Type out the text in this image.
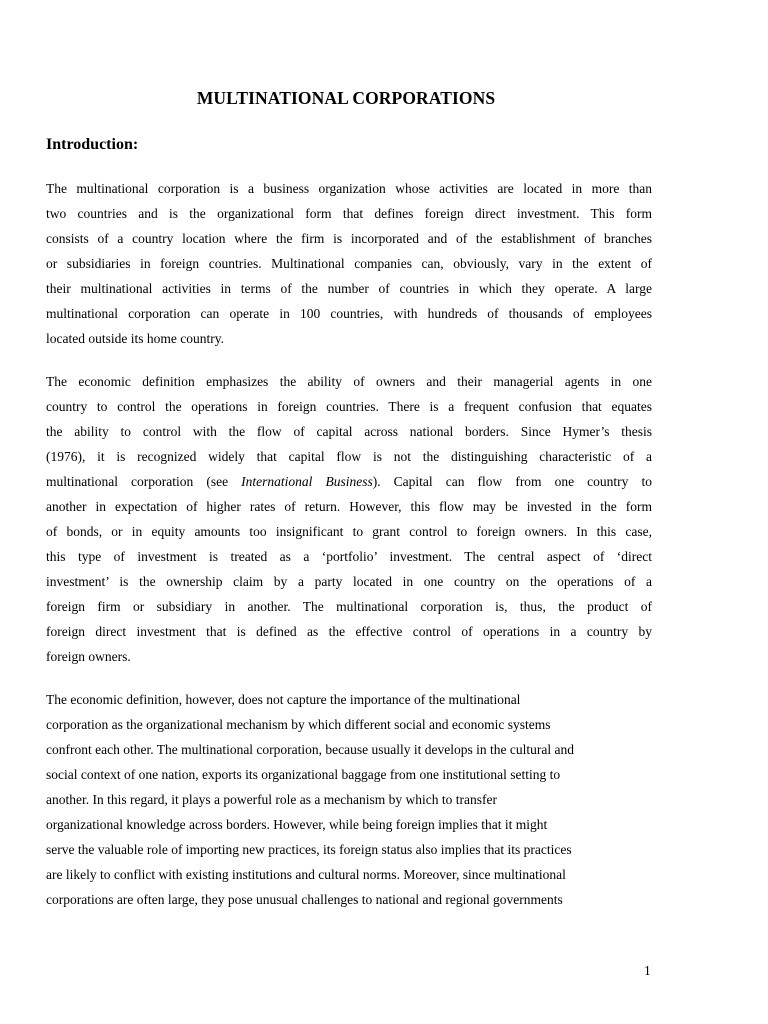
MULTINATIONAL CORPORATIONS
Introduction:
The multinational corporation is a business organization whose activities are located in more than
two countries and is the organizational form that defines foreign direct investment. This form
consists of a country location where the firm is incorporated and of the establishment of branches
or subsidiaries in foreign countries. Multinational companies can, obviously, vary in the extent of
their multinational activities in terms of the number of countries in which they operate. A large
multinational corporation can operate in 100 countries, with hundreds of thousands of employees
located outside its home country.
The economic definition emphasizes the ability of owners and their managerial agents in one
country to control the operations in foreign countries. There is a frequent confusion that equates
the ability to control with the flow of capital across national borders. Since Hymer’s thesis
(1976), it is recognized widely that capital flow is not the distinguishing characteristic of a
multinational corporation (see International Business). Capital can flow from one country to
another in expectation of higher rates of return. However, this flow may be invested in the form
of bonds, or in equity amounts too insignificant to grant control to foreign owners. In this case,
this type of investment is treated as a ‘portfolio’ investment. The central aspect of ‘direct
investment’ is the ownership claim by a party located in one country on the operations of a
foreign firm or subsidiary in another. The multinational corporation is, thus, the product of
foreign direct investment that is defined as the effective control of operations in a country by
foreign owners.
The economic definition, however, does not capture the importance of the multinational
corporation as the organizational mechanism by which different social and economic systems
confront each other. The multinational corporation, because usually it develops in the cultural and
social context of one nation, exports its organizational baggage from one institutional setting to
another. In this regard, it plays a powerful role as a mechanism by which to transfer
organizational knowledge across borders. However, while being foreign implies that it might
serve the valuable role of importing new practices, its foreign status also implies that its practices
are likely to conflict with existing institutions and cultural norms. Moreover, since multinational
corporations are often large, they pose unusual challenges to national and regional governments
1
